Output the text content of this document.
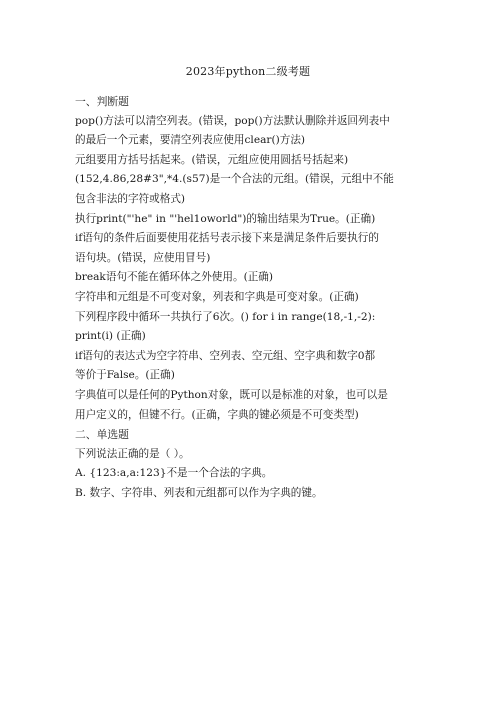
2023年python二级考题
一、判断题
pop()方法可以清空列表。(错误，pop()方法默认删除并返回列表中
的最后一个元素，要清空列表应使用clear()方法)
元组要用方括号括起来。(错误，元组应使用圆括号括起来)
(152,4.86,28#3",*4.(s57)是一个合法的元组。(错误，元组中不能
包含非法的字符或格式)
执行print("'he" in "'hel1oworld")的输出结果为True。(正确)
if语句的条件后面要使用花括号表示接下来是满足条件后要执行的
语句块。(错误，应使用冒号)
break语句不能在循环体之外使用。(正确)
字符串和元组是不可变对象，列表和字典是可变对象。(正确)
下列程序段中循环一共执行了6次。() for i in range(18,-1,-2):
print(i) (正确)
if语句的表达式为空字符串、空列表、空元组、空字典和数字0都
等价于False。(正确)
字典值可以是任何的Python对象，既可以是标准的对象，也可以是
用户定义的，但键不行。(正确，字典的键必须是不可变类型)
二、单选题
下列说法正确的是（ ）。
A. {123:a,a:123}不是一个合法的字典。
B. 数字、字符串、列表和元组都可以作为字典的键。
